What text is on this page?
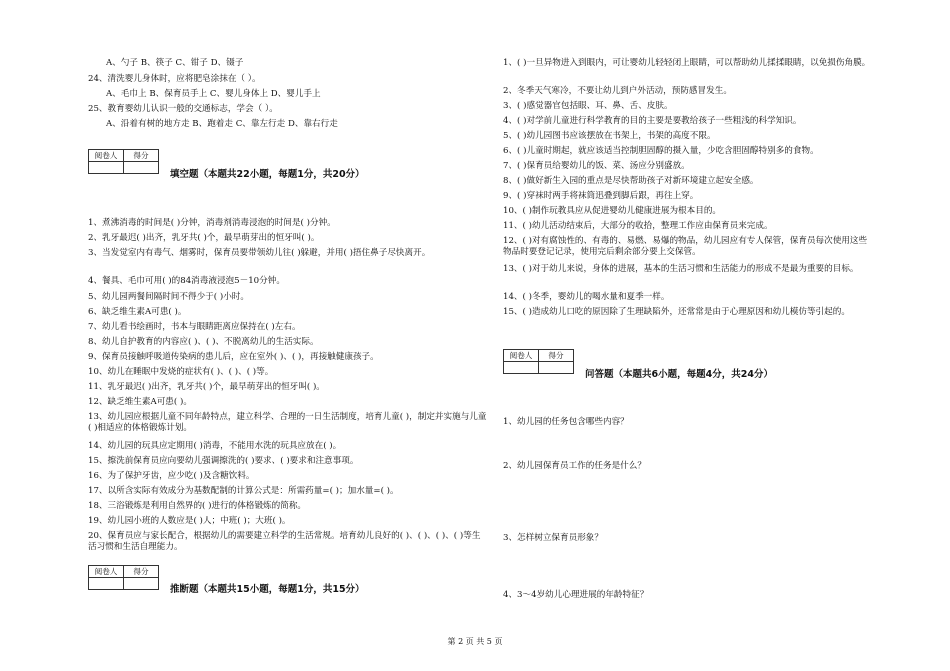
A、勺子 B、筷子 C、钳子 D、镊子
24、清洗婴儿身体时，应将肥皂涂抹在（ ）。
A、毛巾上 B、保育员手上 C、婴儿身体上 D、婴儿手上
25、教育婴幼儿认识一般的交通标志，学会（ ）。
A、沿着有树的地方走 B、跑着走 C、靠左行走 D、靠右行走
阅卷人	得分

填空题（本题共22小题，每题1分，共20分）
1、煮沸消毒的时间是( )分钟，消毒剂消毒浸泡的时间是( )分钟。
2、乳牙最迟( )出齐，乳牙共( )个，最早萌芽出的恒牙叫( )。
3、当发觉室内有毒气、烟雾时，保育员要带领幼儿往( )躲避，并用( )捂住鼻子尽快离开。
4、餐具、毛巾可用( )的84消毒液浸泡5－10分钟。
5、幼儿园两餐间隔时间不得少于( )小时。
6、缺乏维生素A可患( )。
7、幼儿看书绘画时，书本与眼睛距离应保持在( )左右。
8、幼儿自护教育的内容应( )、( )、不脱离幼儿的生活实际。
9、保育员接触呼吸道传染病的患儿后，应在室外( )、( )，再接触健康孩子。
10、幼儿在睡眠中发烧的症状有( )、( )、( )等。
11、乳牙最迟( )出齐，乳牙共( )个，最早萌芽出的恒牙叫( )。
12、缺乏维生素A可患( )。
13、幼儿园应根据儿童不同年龄特点，建立科学、合理的一日生活制度，培育儿童( )，制定并实施与儿童( )相适应的体格锻炼计划。
14、幼儿园的玩具应定期用( )消毒，不能用水洗的玩具应放在( )。
15、擦洗前保育员应向要幼儿强调擦洗的( )要求、( )要求和注意事项。
16、为了保护牙齿，应少吃( )及含糖饮料。
17、以所含实际有效成分为基数配制的计算公式是：所需药量=( )；加水量=( )。
18、三浴锻炼是利用自然界的( )进行的体格锻炼的简称。
19、幼儿园小班的人数应是( )人；中班( )；大班( )。
20、保育员应与家长配合，根据幼儿的需要建立科学的生活常规。培育幼儿良好的( )、( )、( )、( )等生活习惯和生活自理能力。
阅卷人	得分

推断题（本题共15小题，每题1分，共15分）
1、( )一旦异物进入到眼内，可让婴幼儿轻轻闭上眼睛，可以帮助幼儿揉揉眼睛，以免损伤角膜。
2、冬季天气寒冷，不要让幼儿到户外活动，预防感冒发生。
3、( )感觉器官包括眼、耳、鼻、舌、皮肤。
4、( )对学前儿童进行科学教育的目的主要是要教给孩子一些粗浅的科学知识。
5、( )幼儿园图书应该摆放在书架上，书架的高度不限。
6、( )儿童时期起，就应该适当控制胆固醇的摄入量，少吃含胆固醇特别多的食物。
7、( )保育员给婴幼儿的饭、菜、汤应分别盛放。
8、( )做好新生入园的重点是尽快帮助孩子对新环境建立起安全感。
9、( )穿袜时两手将袜筒迅叠到脚后跟，再往上穿。
10、( )制作玩教具应从促进婴幼儿健康进展为根本目的。
11、( )幼儿活动结束后，大部分的收拾，整理工作应由保育员来完成。
12、( )对有腐蚀性的、有毒的、易燃、易爆的物品，幼儿园应有专人保管，保育员每次使用这些物品时要登记记录，使用完后剩余部分要上交保管。
13、( )对于幼儿来说，身体的进展，基本的生活习惯和生活能力的形成不是最为重要的目标。
14、( )冬季，婴幼儿的喝水量和夏季一样。
15、( )造成幼儿口吃的原因除了生理缺陷外，还常常是由于心理原因和幼儿模仿等引起的。
阅卷人	得分

问答题（本题共6小题，每题4分，共24分）
1、幼儿园的任务包含哪些内容？
2、幼儿园保育员工作的任务是什么？
3、怎样树立保育员形象？
4、3～4岁幼儿心理进展的年龄特征？
第 2 页 共 5 页
